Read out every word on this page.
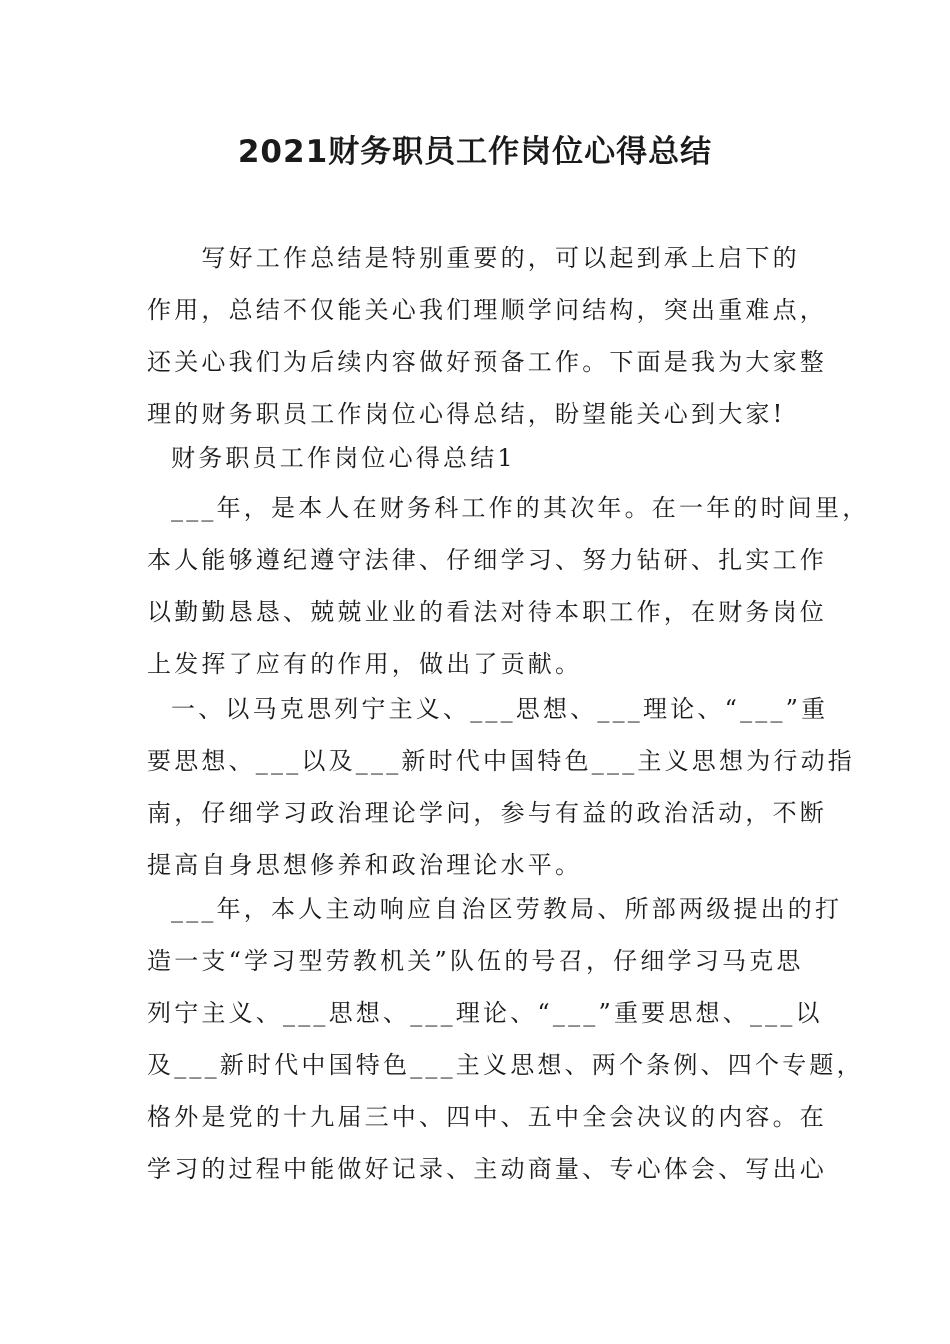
2021财务职员工作岗位心得总结

　　写好工作总结是特别重要的，可以起到承上启下的
作用，总结不仅能关心我们理顺学问结构，突出重难点，
还关心我们为后续内容做好预备工作。下面是我为大家整
理的财务职员工作岗位心得总结，盼望能关心到大家!

财务职员工作岗位心得总结1

___年，是本人在财务科工作的其次年。在一年的时间里，
本人能够遵纪遵守法律、仔细学习、努力钻研、扎实工作
以勤勤恳恳、兢兢业业的看法对待本职工作，在财务岗位
上发挥了应有的作用，做出了贡献。

一、以马克思列宁主义、___思想、___理论、“___”重
要思想、___以及___新时代中国特色___主义思想为行动指
南，仔细学习政治理论学问，参与有益的政治活动，不断
提高自身思想修养和政治理论水平。

___年，本人主动响应自治区劳教局、所部两级提出的打
造一支“学习型劳教机关”队伍的号召，仔细学习马克思
列宁主义、___思想、___理论、“___”重要思想、___以
及___新时代中国特色___主义思想、两个条例、四个专题，
格外是党的十九届三中、四中、五中全会决议的内容。在
学习的过程中能做好记录、主动商量、专心体会、写出心
